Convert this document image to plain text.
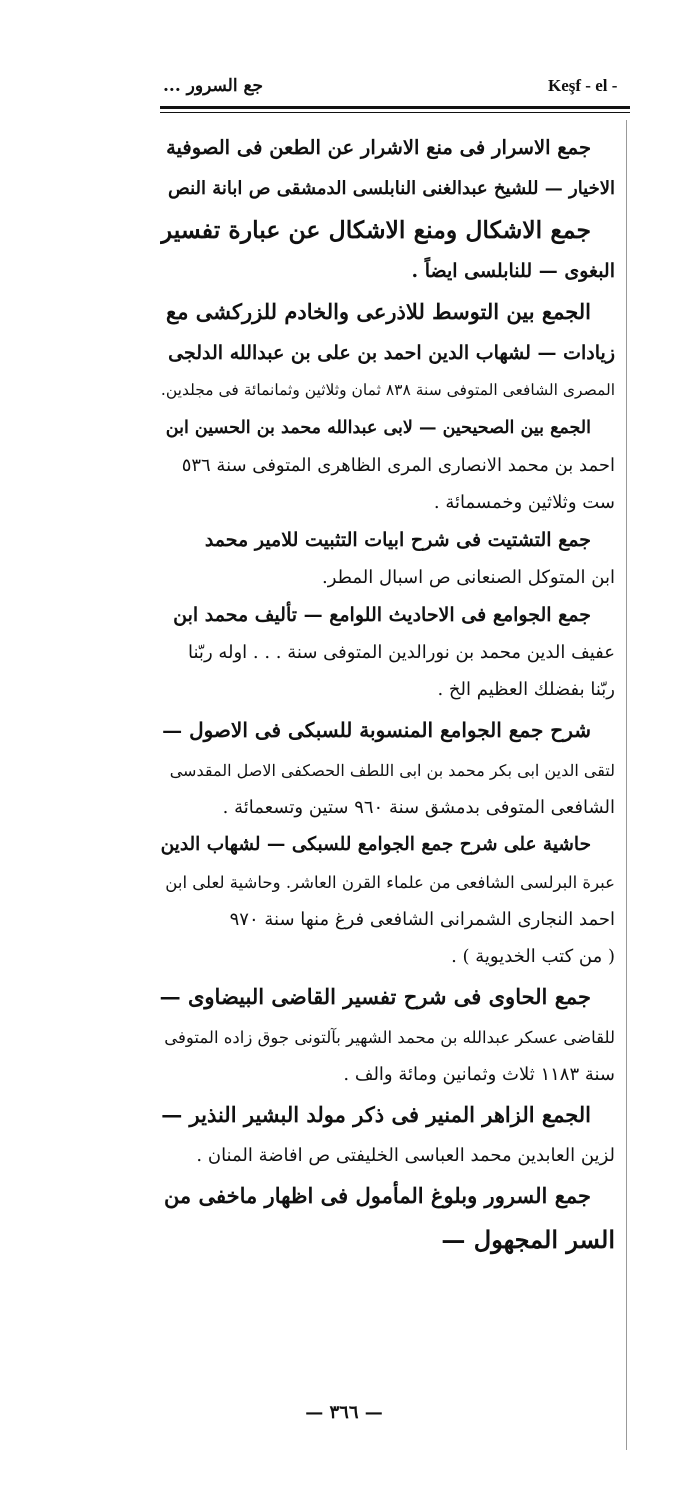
جع السرور ...	Keşf - el -
جمع الاسرار فى منع الاشرار عن الطعن فى الصوفية
الاخيار — للشيخ عبدالغنى النابلسى الدمشقى ص ابانة النص
جمع الاشكال ومنع الاشكال عن عبارة تفسير
البغوى — للنابلسى ايضاً .
الجمع بين التوسط للاذرعى والخادم للزركشى مع
زيادات — لشهاب الدين احمد بن على بن عبدالله الدلجى
المصرى الشافعى المتوفى سنة ٨٣٨ ثمان وثلاثين وثمانمائة فى مجلدين.
الجمع بين الصحيحين — لابى عبدالله محمد بن الحسين ابن
احمد بن محمد الانصارى المرى الظاهرى المتوفى سنة ٥٣٦
ست وثلاثين وخمسمائة .
جمع التشتيت فى شرح ابيات التثبيت للامير محمد
ابن المتوكل الصنعانى ص اسبال المطر.
جمع الجوامع فى الاحاديث اللوامع — تأليف محمد ابن
عفيف الدين محمد بن نورالدين المتوفى سنة . . . اوله ربّنا
ربّنا بفضلك العظيم الخ .
شرح جمع الجوامع المنسوبة للسبكى فى الاصول —
لتقى الدين ابى بكر محمد بن ابى اللطف الحصكفى الاصل المقدسى
الشافعى المتوفى بدمشق سنة ٩٦٠ ستين وتسعمائة .
حاشية على شرح جمع الجوامع للسبكى — لشهاب الدين
عبرة البرلسى الشافعى من علماء القرن العاشر. وحاشية لعلى ابن
احمد النجارى الشمرانى الشافعى فرغ منها سنة ٩٧٠
( من كتب الخديوية ) .
جمع الحاوى فى شرح تفسير القاضى البيضاوى —
للقاضى عسكر عبدالله بن محمد الشهير بآلتونى جوق زاده المتوفى
سنة ١١٨٣ ثلاث وثمانين ومائة والف .
الجمع الزاهر المنير فى ذكر مولد البشير النذير —
لزين العابدين محمد العباسى الخليفتى ص افاضة المنان .
جمع السرور وبلوغ المأمول فى اظهار ماخفى من
السر المجهول —
— ٣٦٦ —
